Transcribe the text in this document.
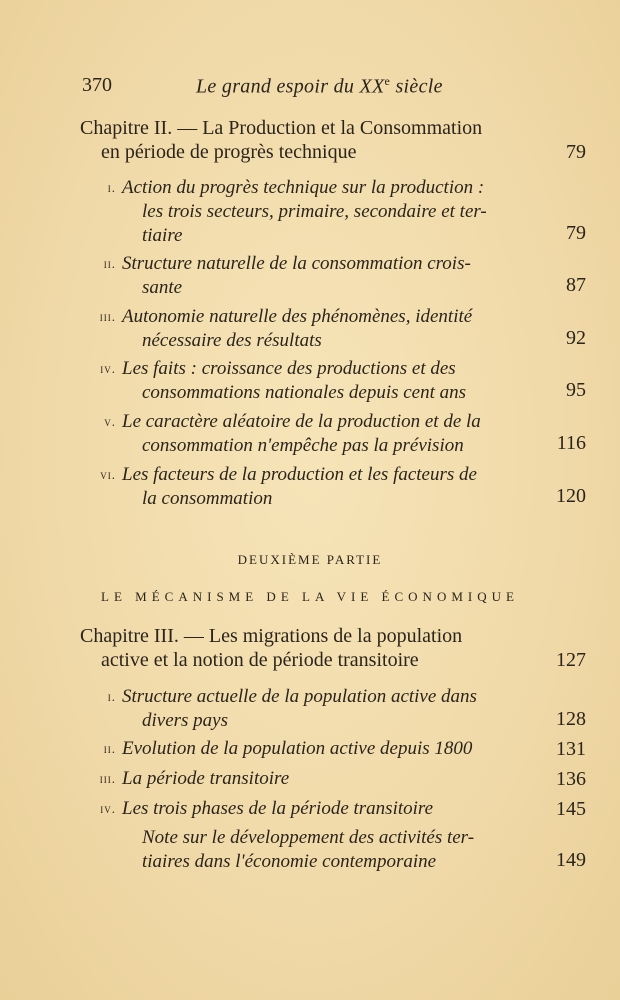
370	Le grand espoir du XXe siècle
Chapitre II. — La Production et la Consommation
en période de progrès technique	79
i. Action du progrès technique sur la production :
les trois secteurs, primaire, secondaire et ter-
tiaire	79
ii. Structure naturelle de la consommation crois-
sante	87
iii. Autonomie naturelle des phénomènes, identité
nécessaire des résultats	92
iv. Les faits : croissance des productions et des
consommations nationales depuis cent ans	95
v. Le caractère aléatoire de la production et de la
consommation n'empêche pas la prévision	116
vi. Les facteurs de la production et les facteurs de
la consommation	120
DEUXIÈME PARTIE
LE MÉCANISME DE LA VIE ÉCONOMIQUE
Chapitre III. — Les migrations de la population
active et la notion de période transitoire	127
i. Structure actuelle de la population active dans
divers pays	128
ii. Evolution de la population active depuis 1800	131
iii. La période transitoire	136
iv. Les trois phases de la période transitoire	145
Note sur le développement des activités ter-
tiaires dans l'économie contemporaine	149
